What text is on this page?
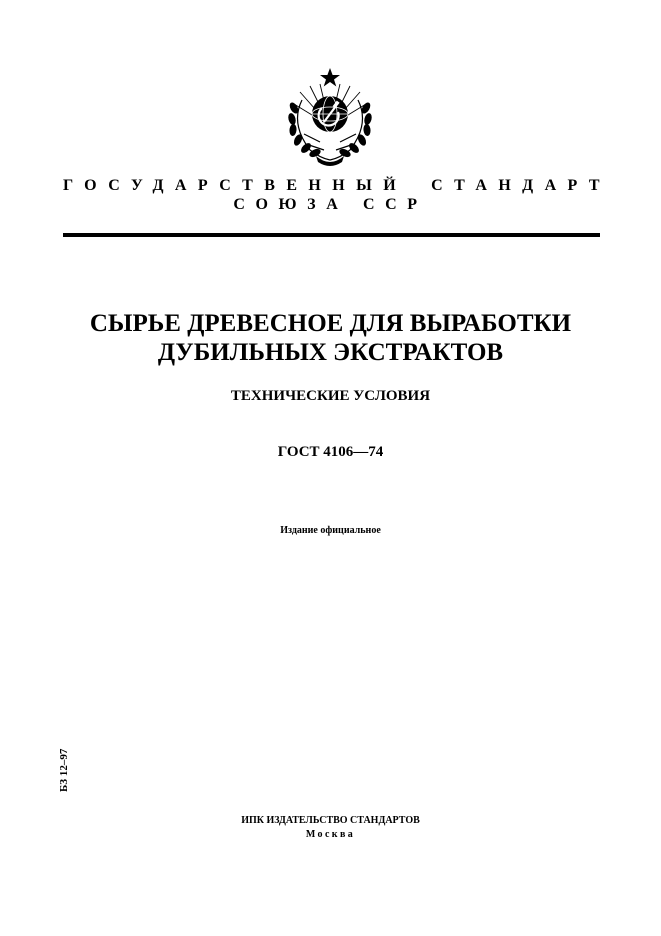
ГОСУДАРСТВЕННЫЙ СТАНДАРТ
СОЮЗА ССР
СЫРЬЕ ДРЕВЕСНОЕ ДЛЯ ВЫРАБОТКИ
ДУБИЛЬНЫХ ЭКСТРАКТОВ
ТЕХНИЧЕСКИЕ УСЛОВИЯ
ГОСТ 4106—74
Издание официальное
БЗ 12–97
ИПК ИЗДАТЕЛЬСТВО СТАНДАРТОВ
Москва
